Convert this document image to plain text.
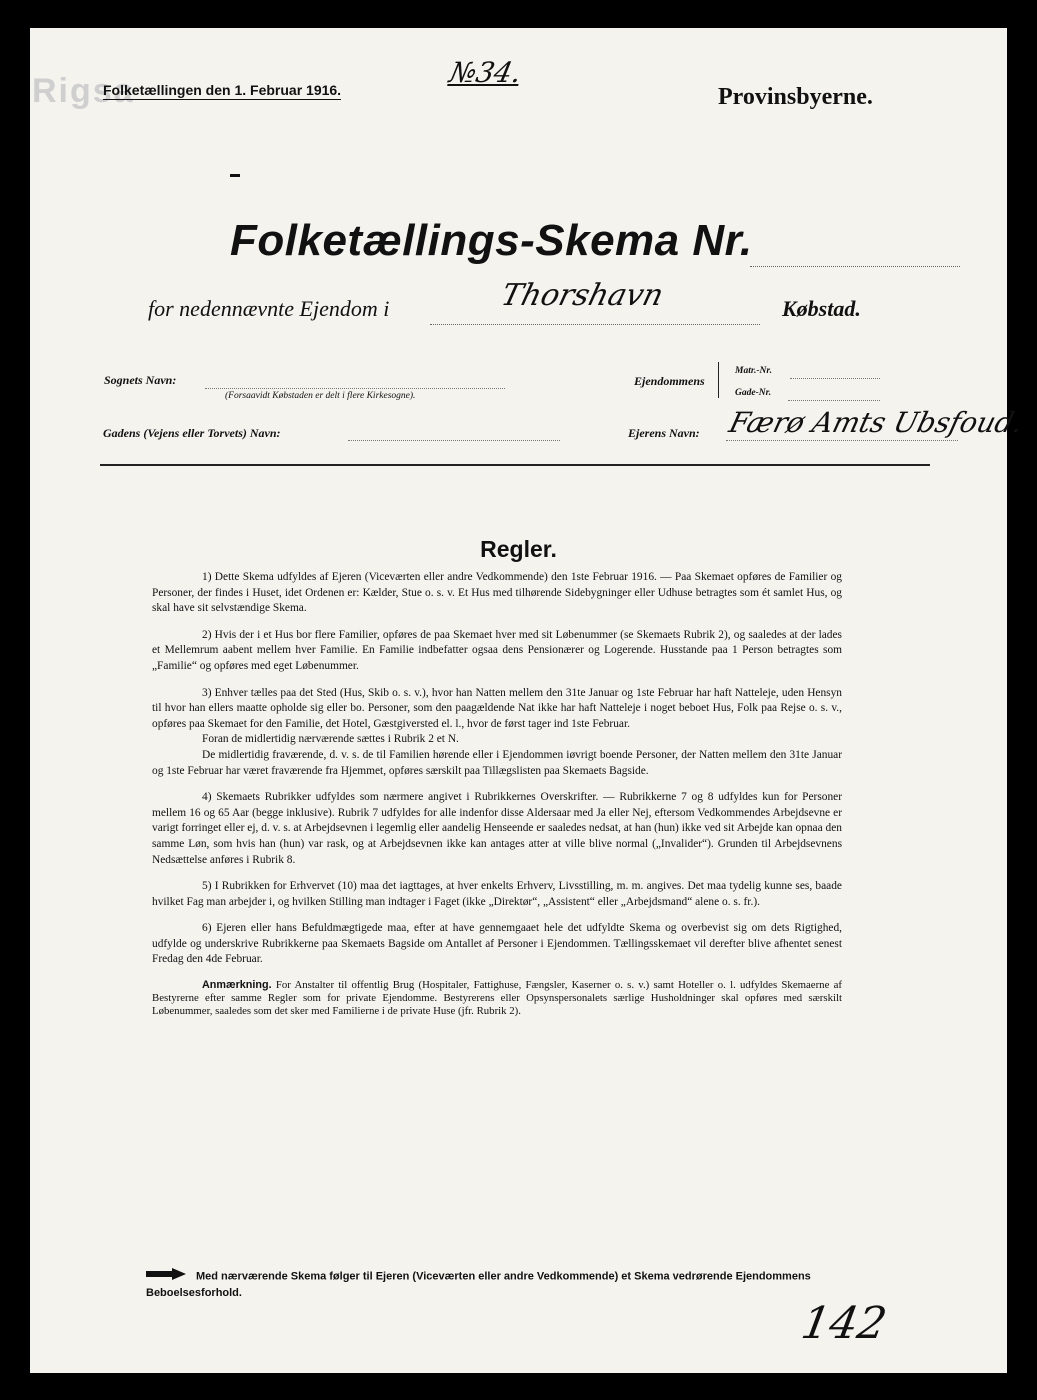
Rigsa
Folketællingen den 1. Februar 1916.
№34.
Provinsbyerne.
Folketællings-Skema Nr.
for nedennævnte Ejendom i	Thorshavn	Købstad.
Sognets Navn:
(Forsaavidt Købstaden er delt i flere Kirkesogne).
Gadens (Vejens eller Torvets) Navn:
Ejendommens
Matr.-Nr.
Gade-Nr.
Ejerens Navn: Færø Amts Ubsfoud.
Regler.

1) Dette Skema udfyldes af Ejeren (Viceværten eller andre Vedkommende) den 1ste Februar 1916. — Paa Skemaet opføres de Familier og Personer, der findes i Huset, idet Ordenen er: Kælder, Stue o. s. v. Et Hus med tilhørende Sidebygninger eller Udhuse betragtes som ét samlet Hus, og skal have sit selvstændige Skema.

2) Hvis der i et Hus bor flere Familier, opføres de paa Skemaet hver med sit Løbenummer (se Skemaets Rubrik 2), og saaledes at der lades et Mellemrum aabent mellem hver Familie. En Familie indbefatter ogsaa dens Pensionærer og Logerende. Husstande paa 1 Person betragtes som „Familie“ og opføres med eget Løbenummer.

3) Enhver tælles paa det Sted (Hus, Skib o. s. v.), hvor han Natten mellem den 31te Januar og 1ste Februar har haft Natteleje, uden Hensyn til hvor han ellers maatte opholde sig eller bo. Personer, som den paagældende Nat ikke har haft Natteleje i noget beboet Hus, Folk paa Rejse o. s. v., opføres paa Skemaet for den Familie, det Hotel, Gæstgiversted el. l., hvor de først tager ind 1ste Februar.

Foran de midlertidig nærværende sættes i Rubrik 2 et N.

De midlertidig fraværende, d. v. s. de til Familien hørende eller i Ejendommen iøvrigt boende Personer, der Natten mellem den 31te Januar og 1ste Februar har været fraværende fra Hjemmet, opføres særskilt paa Tillægslisten paa Skemaets Bagside.

4) Skemaets Rubrikker udfyldes som nærmere angivet i Rubrikkernes Overskrifter. — Rubrikkerne 7 og 8 udfyldes kun for Personer mellem 16 og 65 Aar (begge inklusive). Rubrik 7 udfyldes for alle indenfor disse Aldersaar med Ja eller Nej, eftersom Vedkommendes Arbejdsevne er varigt forringet eller ej, d. v. s. at Arbejdsevnen i legemlig eller aandelig Henseende er saaledes nedsat, at han (hun) ikke ved sit Arbejde kan opnaa den samme Løn, som hvis han (hun) var rask, og at Arbejdsevnen ikke kan antages atter at ville blive normal („Invalider“). Grunden til Arbejdsevnens Nedsættelse anføres i Rubrik 8.

5) I Rubrikken for Erhvervet (10) maa det iagttages, at hver enkelts Erhverv, Livsstilling, m. m. angives. Det maa tydelig kunne ses, baade hvilket Fag man arbejder i, og hvilken Stilling man indtager i Faget (ikke „Direktør“, „Assistent“ eller „Arbejdsmand“ alene o. s. fr.).

6) Ejeren eller hans Befuldmægtigede maa, efter at have gennemgaaet hele det udfyldte Skema og overbevist sig om dets Rigtighed, udfylde og underskrive Rubrikkerne paa Skemaets Bagside om Antallet af Personer i Ejendommen. Tællingsskemaet vil derefter blive afhentet senest Fredag den 4de Februar.

Anmærkning. For Anstalter til offentlig Brug (Hospitaler, Fattighuse, Fængsler, Kaserner o. s. v.) samt Hoteller o. l. udfyldes Skemaerne af Bestyrerne efter samme Regler som for private Ejendomme. Bestyrerens eller Opsynspersonalets særlige Husholdninger skal opføres med særskilt Løbenummer, saaledes som det sker med Familierne i de private Huse (jfr. Rubrik 2).

Med nærværende Skema følger til Ejeren (Viceværten eller andre Vedkommende) et Skema vedrørende Ejendommens Beboelsesforhold.
142
